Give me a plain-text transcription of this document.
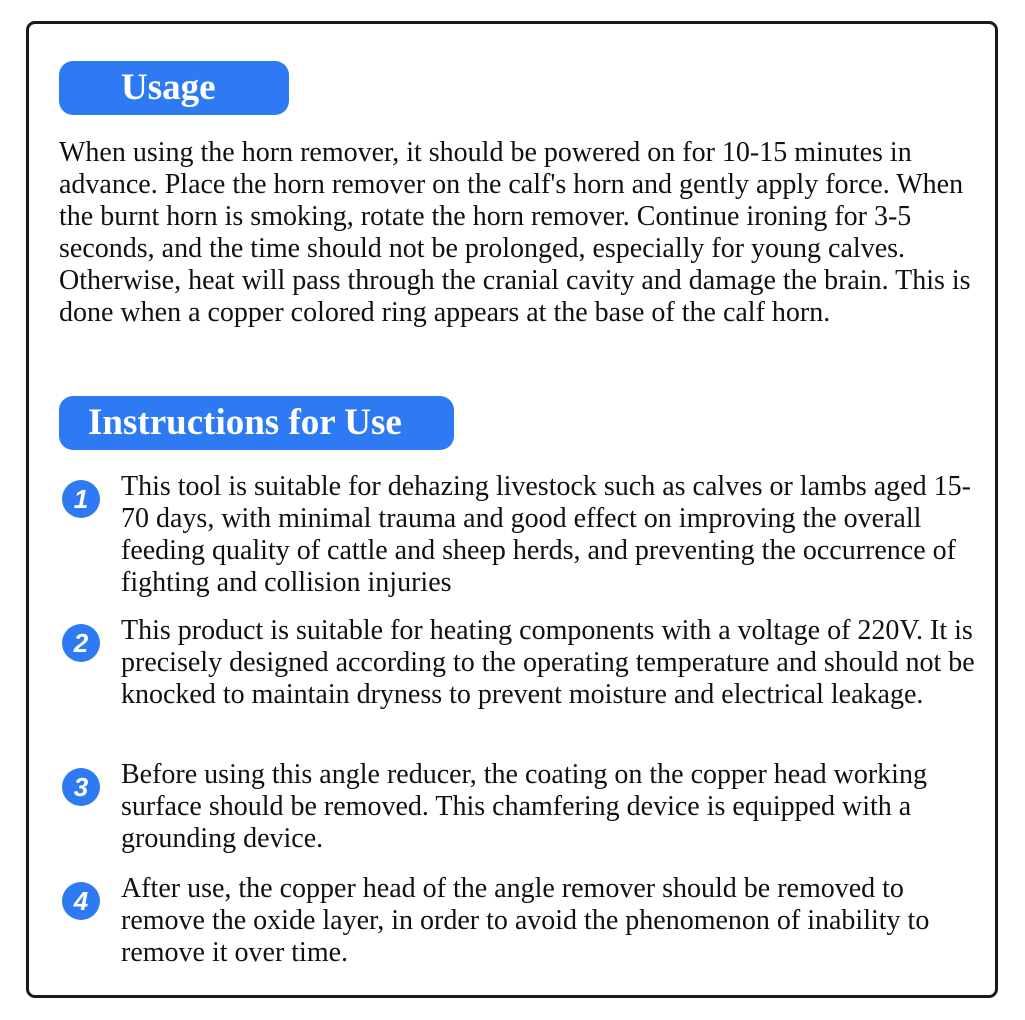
Usage

When using the horn remover, it should be powered on for 10-15 minutes in advance. Place the horn remover on the calf's horn and gently apply force. When the burnt horn is smoking, rotate the horn remover. Continue ironing for 3-5 seconds, and the time should not be prolonged, especially for young calves. Otherwise, heat will pass through the cranial cavity and damage the brain. This is done when a copper colored ring appears at the base of the calf horn.

Instructions for Use
1	This tool is suitable for dehazing livestock such as calves or lambs aged 15-70 days, with minimal trauma and good effect on improving the overall feeding quality of cattle and sheep herds, and preventing the occurrence of fighting and collision injuries

2	This product is suitable for heating components with a voltage of 220V. It is precisely designed according to the operating temperature and should not be knocked to maintain dryness to prevent moisture and electrical leakage.

3	Before using this angle reducer, the coating on the copper head working surface should be removed. This chamfering device is equipped with a grounding device.

4	After use, the copper head of the angle remover should be removed to remove the oxide layer, in order to avoid the phenomenon of inability to remove it over time.
